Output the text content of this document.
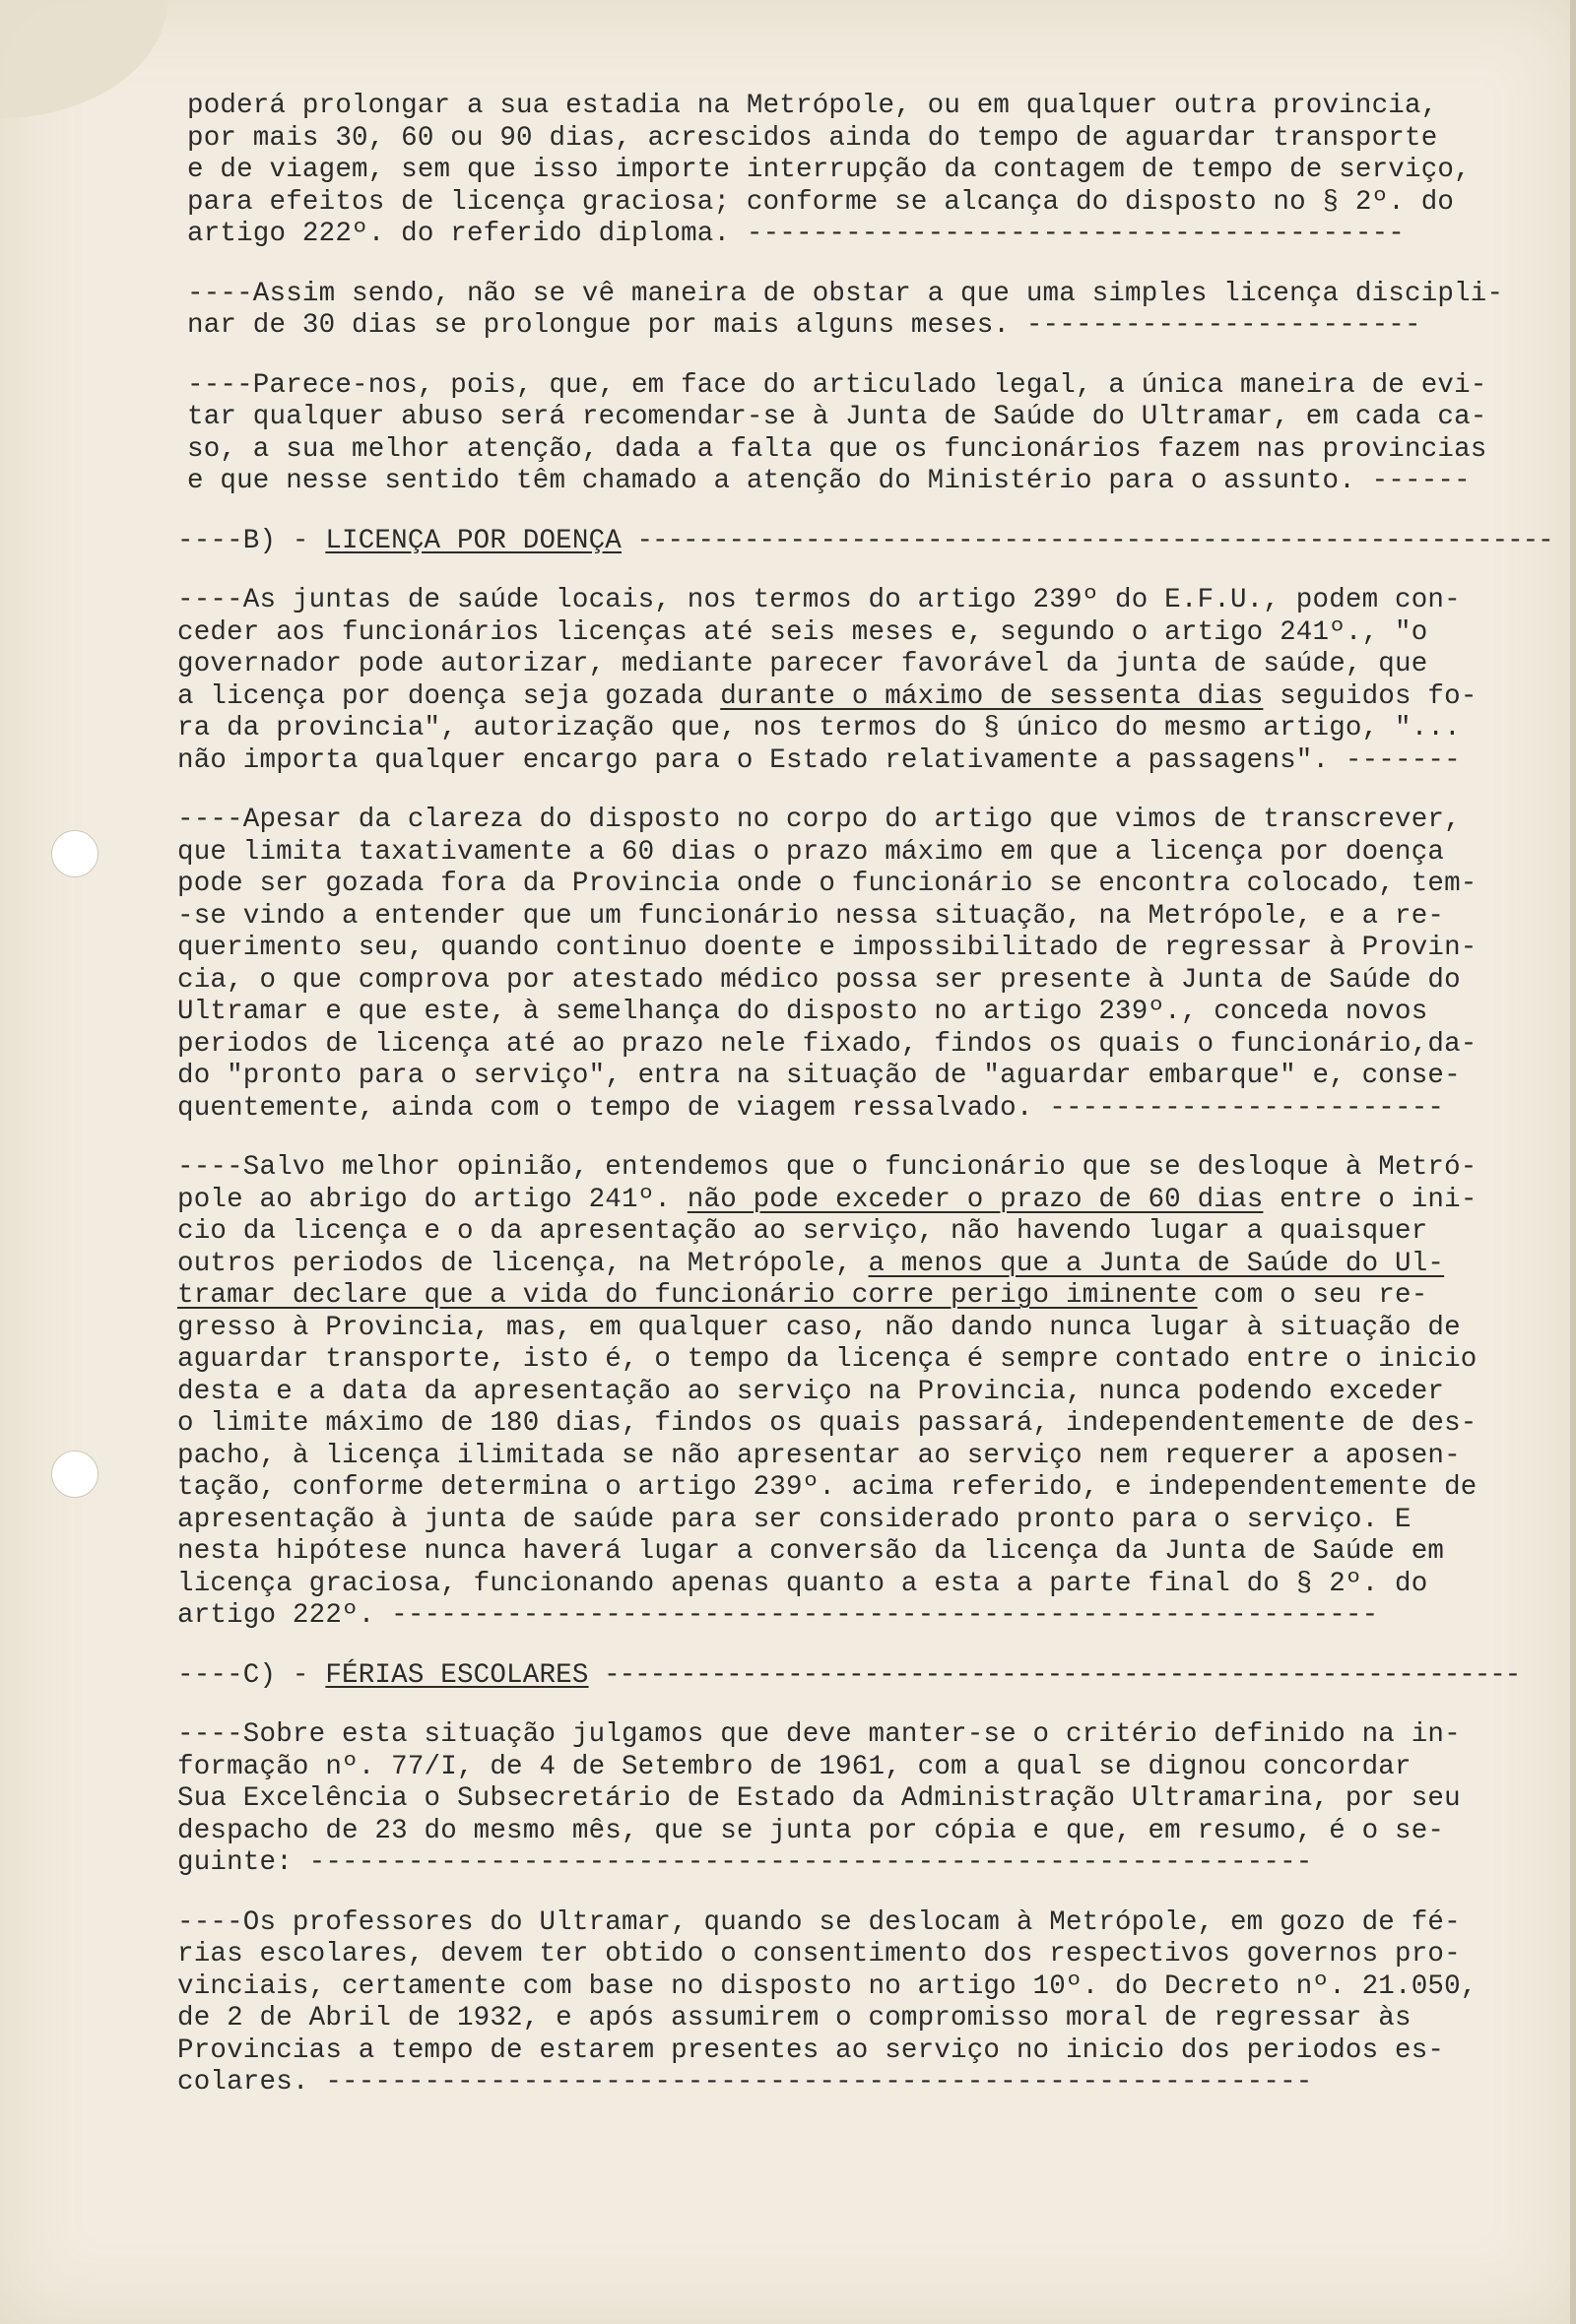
poderá prolongar a sua estadia na Metrópole, ou em qualquer outra provincia,
por mais 30, 60 ou 90 dias, acrescidos ainda do tempo de aguardar transporte
e de viagem, sem que isso importe interrupção da contagem de tempo de serviço,
para efeitos de licença graciosa; conforme se alcança do disposto no § 2º. do
artigo 222º. do referido diploma. ----------------------------------------

----Assim sendo, não se vê maneira de obstar a que uma simples licença discipli-
nar de 30 dias se prolongue por mais alguns meses. ------------------------

----Parece-nos, pois, que, em face do articulado legal, a única maneira de evi-
tar qualquer abuso será recomendar-se à Junta de Saúde do Ultramar, em cada ca-
so, a sua melhor atenção, dada a falta que os funcionários fazem nas provincias
e que nesse sentido têm chamado a atenção do Ministério para o assunto. ------

----B) - LICENÇA POR DOENÇA ------------------------------------------------------------

----As juntas de saúde locais, nos termos do artigo 239º do E.F.U., podem con-
ceder aos funcionários licenças até seis meses e, segundo o artigo 241º., "o
governador pode autorizar, mediante parecer favorável da junta de saúde, que
a licença por doença seja gozada durante o máximo de sessenta dias seguidos fo-
ra da provincia", autorização que, nos termos do § único do mesmo artigo, "...
não importa qualquer encargo para o Estado relativamente a passagens". -------

----Apesar da clareza do disposto no corpo do artigo que vimos de transcrever,
que limita taxativamente a 60 dias o prazo máximo em que a licença por doença
pode ser gozada fora da Provincia onde o funcionário se encontra colocado, tem-
-se vindo a entender que um funcionário nessa situação, na Metrópole, e a re-
querimento seu, quando continuo doente e impossibilitado de regressar à Provin-
cia, o que comprova por atestado médico possa ser presente à Junta de Saúde do
Ultramar e que este, à semelhança do disposto no artigo 239º., conceda novos
periodos de licença até ao prazo nele fixado, findos os quais o funcionário,da-
do "pronto para o serviço", entra na situação de "aguardar embarque" e, conse-
quentemente, ainda com o tempo de viagem ressalvado. ------------------------

----Salvo melhor opinião, entendemos que o funcionário que se desloque à Metró-
pole ao abrigo do artigo 241º. não pode exceder o prazo de 60 dias entre o ini-
cio da licença e o da apresentação ao serviço, não havendo lugar a quaisquer
outros periodos de licença, na Metrópole, a menos que a Junta de Saúde do Ul-
tramar declare que a vida do funcionário corre perigo iminente com o seu re-
gresso à Provincia, mas, em qualquer caso, não dando nunca lugar à situação de
aguardar transporte, isto é, o tempo da licença é sempre contado entre o inicio
desta e a data da apresentação ao serviço na Provincia, nunca podendo exceder
o limite máximo de 180 dias, findos os quais passará, independentemente de des-
pacho, à licença ilimitada se não apresentar ao serviço nem requerer a aposen-
tação, conforme determina o artigo 239º. acima referido, e independentemente de
apresentação à junta de saúde para ser considerado pronto para o serviço. E
nesta hipótese nunca haverá lugar a conversão da licença da Junta de Saúde em
licença graciosa, funcionando apenas quanto a esta a parte final do § 2º. do
artigo 222º. ------------------------------------------------------------

----C) - FÉRIAS ESCOLARES ------------------------------------------------------------

----Sobre esta situação julgamos que deve manter-se o critério definido na in-
formação nº. 77/I, de 4 de Setembro de 1961, com a qual se dignou concordar
Sua Excelência o Subsecretário de Estado da Administração Ultramarina, por seu
despacho de 23 do mesmo mês, que se junta por cópia e que, em resumo, é o se-
guinte: -------------------------------------------------------------

----Os professores do Ultramar, quando se deslocam à Metrópole, em gozo de fé-
rias escolares, devem ter obtido o consentimento dos respectivos governos pro-
vinciais, certamente com base no disposto no artigo 10º. do Decreto nº. 21.050,
de 2 de Abril de 1932, e após assumirem o compromisso moral de regressar às
Provincias a tempo de estarem presentes ao serviço no inicio dos periodos es-
colares. ------------------------------------------------------------
